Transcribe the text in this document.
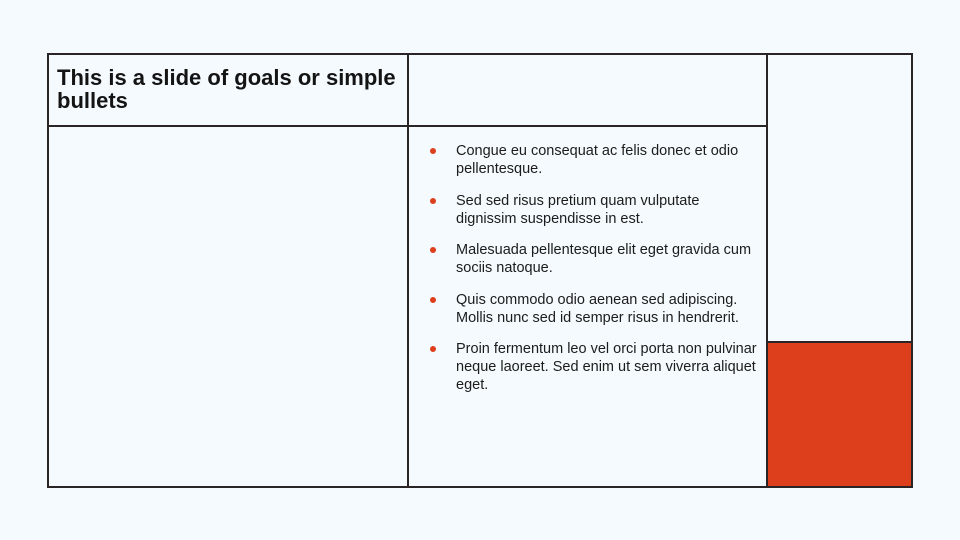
This is a slide of goals or simple bullets
Congue eu consequat ac felis donec et odio pellentesque.
Sed sed risus pretium quam vulputate dignissim suspendisse in est.
Malesuada pellentesque elit eget gravida cum sociis natoque.
Quis commodo odio aenean sed adipiscing. Mollis nunc sed id semper risus in hendrerit.
Proin fermentum leo vel orci porta non pulvinar neque laoreet. Sed enim ut sem viverra aliquet eget.
